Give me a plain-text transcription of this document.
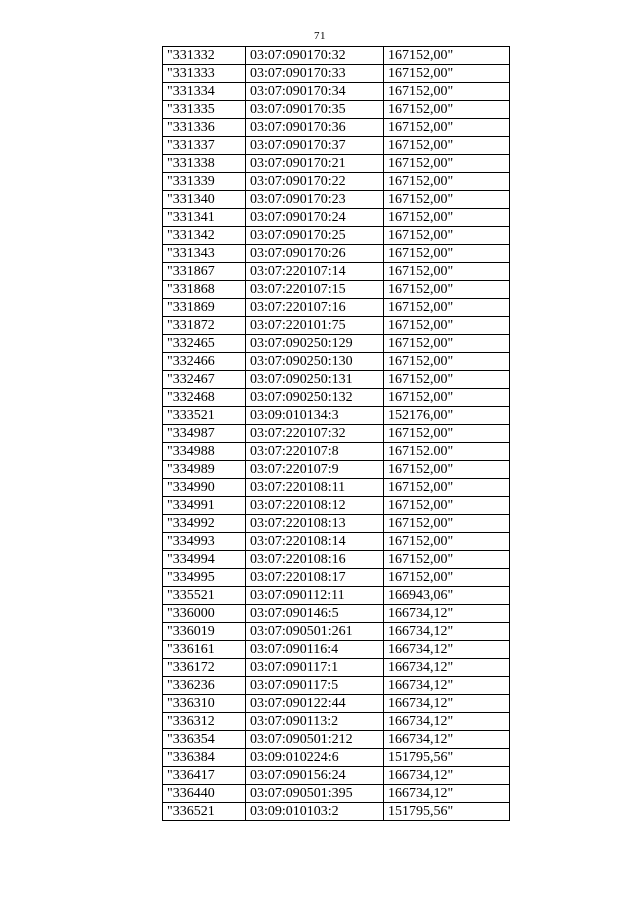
71
"331332	03:07:090170:32	167152,00"
"331333	03:07:090170:33	167152,00"
"331334	03:07:090170:34	167152,00"
"331335	03:07:090170:35	167152,00"
"331336	03:07:090170:36	167152,00"
"331337	03:07:090170:37	167152,00"
"331338	03:07:090170:21	167152,00"
"331339	03:07:090170:22	167152,00"
"331340	03:07:090170:23	167152,00"
"331341	03:07:090170:24	167152,00"
"331342	03:07:090170:25	167152,00"
"331343	03:07:090170:26	167152,00"
"331867	03:07:220107:14	167152,00"
"331868	03:07:220107:15	167152,00"
"331869	03:07:220107:16	167152,00"
"331872	03:07:220101:75	167152,00"
"332465	03:07:090250:129	167152,00"
"332466	03:07:090250:130	167152,00"
"332467	03:07:090250:131	167152,00"
"332468	03:07:090250:132	167152,00"
"333521	03:09:010134:3	152176,00"
"334987	03:07:220107:32	167152,00"
"334988	03:07:220107:8	167152.00"
"334989	03:07:220107:9	167152,00"
"334990	03:07:220108:11	167152,00"
"334991	03:07:220108:12	167152,00"
"334992	03:07:220108:13	167152,00"
"334993	03:07:220108:14	167152,00"
"334994	03:07:220108:16	167152,00"
"334995	03:07:220108:17	167152,00"
"335521	03:07:090112:11	166943,06"
"336000	03:07:090146:5	166734,12"
"336019	03:07:090501:261	166734,12"
"336161	03:07:090116:4	166734,12"
"336172	03:07:090117:1	166734,12"
"336236	03:07:090117:5	166734,12"
"336310	03:07:090122:44	166734,12"
"336312	03:07:090113:2	166734,12"
"336354	03:07:090501:212	166734,12"
"336384	03:09:010224:6	151795,56"
"336417	03:07:090156:24	166734,12"
"336440	03:07:090501:395	166734,12"
"336521	03:09:010103:2	151795,56"
